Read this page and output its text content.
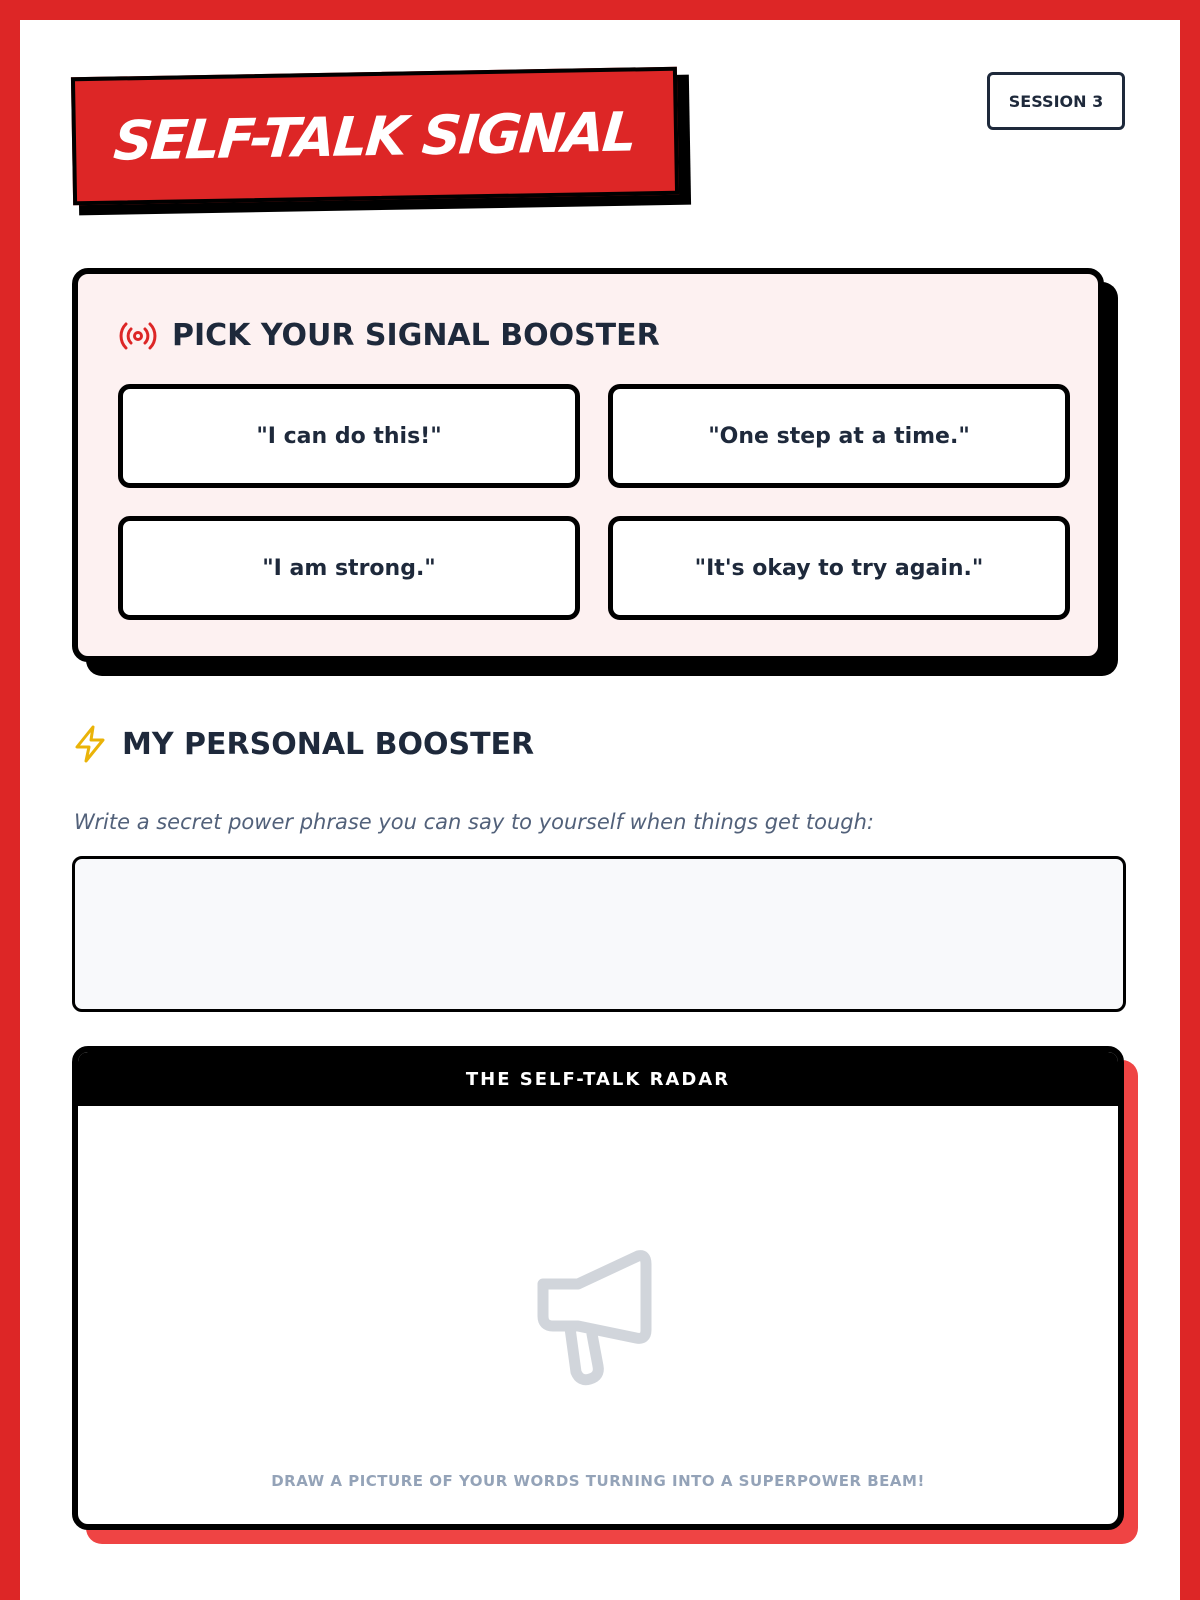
SELF-TALK SIGNAL	SESSION 3
PICK YOUR SIGNAL BOOSTER
"I can do this!"	"One step at a time."
"I am strong."	"It's okay to try again."
MY PERSONAL BOOSTER
Write a secret power phrase you can say to yourself when things get tough:
THE SELF-TALK RADAR
DRAW A PICTURE OF YOUR WORDS TURNING INTO A SUPERPOWER BEAM!
